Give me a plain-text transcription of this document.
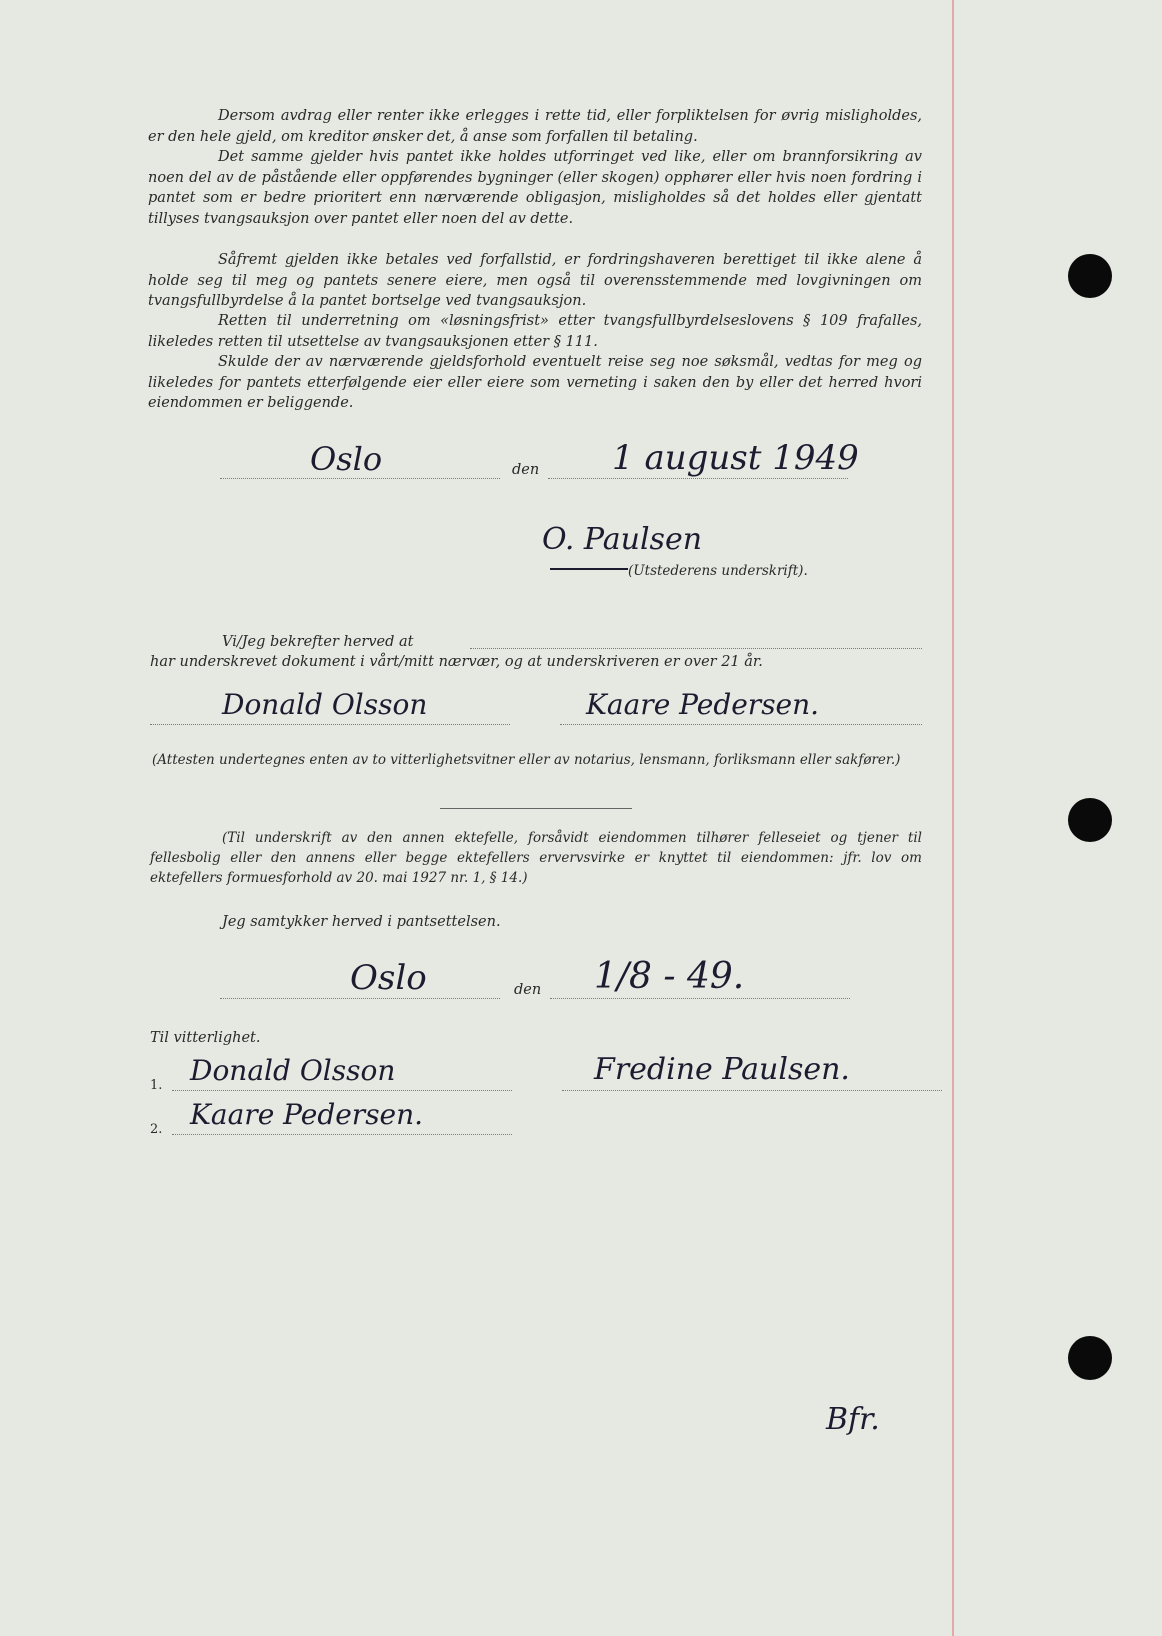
Dersom avdrag eller renter ikke erlegges i rette tid, eller forpliktelsen for øvrig misligholdes, er den hele gjeld, om kreditor ønsker det, å anse som forfallen til betaling.

Det samme gjelder hvis pantet ikke holdes utforringet ved like, eller om brannforsikring av noen del av de påstående eller oppførendes bygninger (eller skogen) opphører eller hvis noen fordring i pantet som er bedre prioritert enn nærværende obligasjon, misligholdes så det holdes eller gjentatt tillyses tvangsauksjon over pantet eller noen del av dette.

Såfremt gjelden ikke betales ved forfallstid, er fordringshaveren berettiget til ikke alene å holde seg til meg og pantets senere eiere, men også til overensstemmende med lovgivningen om tvangsfullbyrdelse å la pantet bortselge ved tvangsauksjon.

Retten til underretning om «løsningsfrist» etter tvangsfullbyrdelseslovens § 109 frafalles, likeledes retten til utsettelse av tvangsauksjonen etter § 111.

Skulde der av nærværende gjeldsforhold eventuelt reise seg noe søksmål, vedtas for meg og likeledes for pantets etterfølgende eier eller eiere som verneting i saken den by eller det herred hvori eiendommen er beliggende.

Oslo	den 1 august 1949
O. Paulsen
(Utstederens underskrift).
Vi/Jeg bekrefter herved at
har underskrevet dokument i vårt/mitt nærvær, og at underskriveren er over 21 år.
Donald Olsson	Kaare Pedersen.

(Attesten undertegnes enten av to vitterlighetsvitner eller av notarius, lensmann, forliksmann eller sakfører.)

(Til underskrift av den annen ektefelle, forsåvidt eiendommen tilhører felleseiet og tjener til fellesbolig eller den annens eller begge ektefellers ervervsvirke er knyttet til eiendommen: jfr. lov om ektefellers formuesforhold av 20. mai 1927 nr. 1, § 14.)

Jeg samtykker herved i pantsettelsen.
Oslo	den 1/8 - 49.
Til vitterlighet.
1. Donald Olsson
2. Kaare Pedersen.
Fredine Paulsen.
Bfr.
